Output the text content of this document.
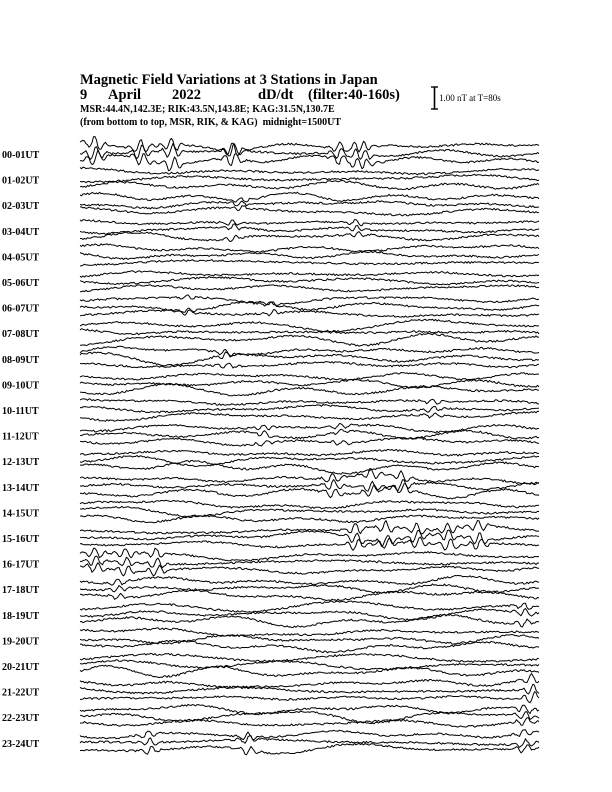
Magnetic Field Variations at 3 Stations in Japan

9 April 2022	dD/dt (filter:40-160s)

MSR:44.4N,142.3E; RIK:43.5N,143.8E; KAG:31.5N,130.7E

(from bottom to top, MSR, RIK, & KAG) midnight=1500UT

1.00 nT at T=80s
00-01UT
01-02UT
02-03UT
03-04UT
04-05UT
05-06UT
06-07UT
07-08UT
08-09UT
09-10UT
10-11UT
11-12UT
12-13UT
13-14UT
14-15UT
15-16UT
16-17UT
17-18UT
18-19UT
19-20UT
20-21UT
21-22UT
22-23UT
23-24UT
